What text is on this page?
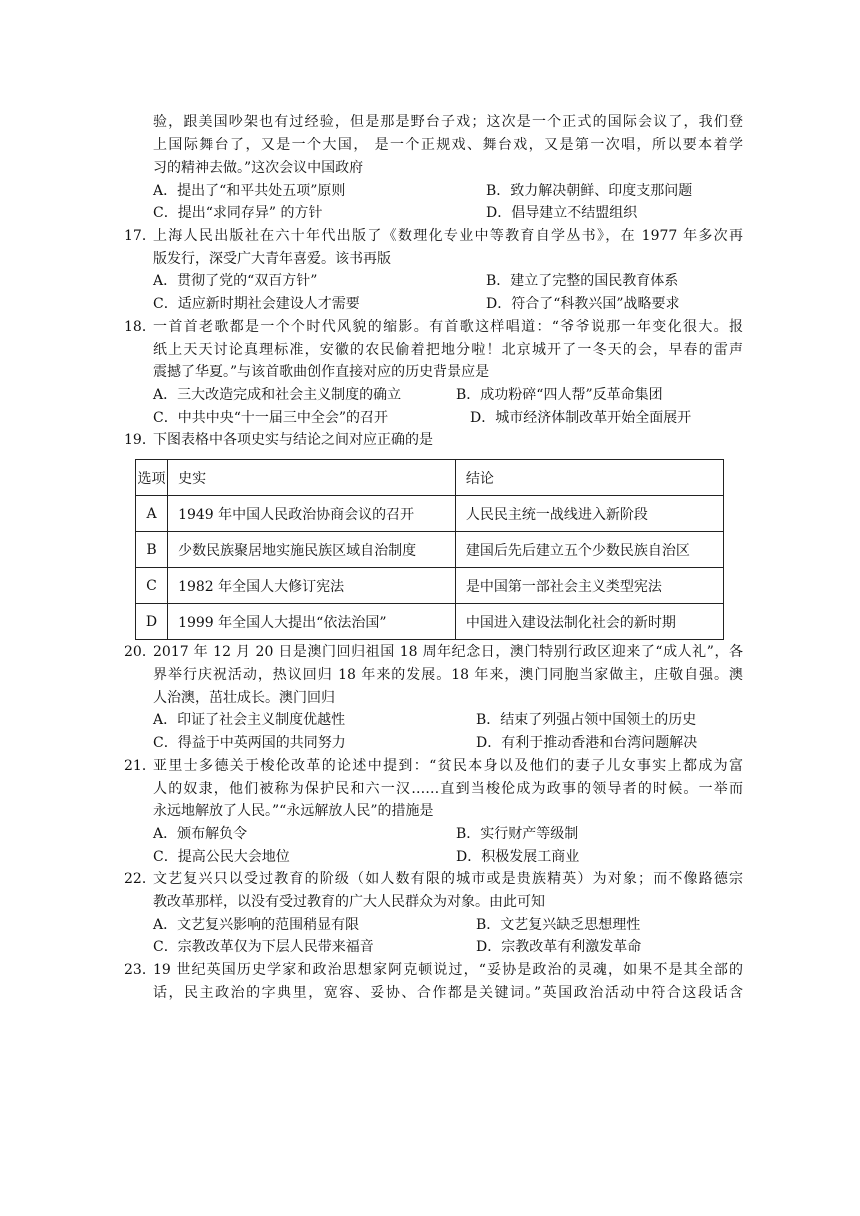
验，跟美国吵架也有过经验，但是那是野台子戏；这次是一个正式的国际会议了，我们登
上国际舞台了，又是一个大国， 是一个正规戏、舞台戏，又是第一次唱，所以要本着学
习的精神去做。”这次会议中国政府
A．提出了“和平共处五项”原则	B．致力解决朝鲜、印度支那问题
C．提出“求同存异” 的方针	D．倡导建立不结盟组织
17．
上海人民出版社在六十年代出版了《数理化专业中等教育自学丛书》，在 1977 年多次再
版发行，深受广大青年喜爱。该书再版
A．贯彻了党的“双百方针”	B．建立了完整的国民教育体系
C．适应新时期社会建设人才需要	D．符合了“科教兴国”战略要求
18．
一首首老歌都是一个个时代风貌的缩影。有首歌这样唱道：“爷爷说那一年变化很大。报
纸上天天讨论真理标准，安徽的农民偷着把地分啦！北京城开了一冬天的会，早春的雷声
震撼了华夏。”与该首歌曲创作直接对应的历史背景应是
A．三大改造完成和社会主义制度的确立	B．成功粉碎“四人帮”反革命集团
C．中共中央“十一届三中全会”的召开	D．城市经济体制改革开始全面展开
19．
下图表格中各项史实与结论之间对应正确的是
选项	史实	结论
A	1949 年中国人民政治协商会议的召开	人民民主统一战线进入新阶段
B	少数民族聚居地实施民族区域自治制度	建国后先后建立五个少数民族自治区
C	1982 年全国人大修订宪法	是中国第一部社会主义类型宪法
D	1999 年全国人大提出“依法治国”	中国进入建设法制化社会的新时期
20．
2017 年 12 月 20 日是澳门回归祖国 18 周年纪念日，澳门特别行政区迎来了“成人礼”，各
界举行庆祝活动，热议回归 18 年来的发展。18 年来，澳门同胞当家做主，庄敬自强。澳
人治澳，茁壮成长。澳门回归
A．印证了社会主义制度优越性	B．结束了列强占领中国领土的历史
C．得益于中英两国的共同努力	D．有利于推动香港和台湾问题解决
21．
亚里士多德关于梭伦改革的论述中提到：“贫民本身以及他们的妻子儿女事实上都成为富
人的奴隶，他们被称为保护民和六一汉……直到当梭伦成为政事的领导者的时候。一举而
永远地解放了人民。”“永远解放人民”的措施是
A．颁布解负令	B．实行财产等级制
C．提高公民大会地位	D．积极发展工商业
22．
文艺复兴只以受过教育的阶级（如人数有限的城市或是贵族精英）为对象；而不像路德宗
教改革那样，以没有受过教育的广大人民群众为对象。由此可知
A．文艺复兴影响的范围稍显有限	B．文艺复兴缺乏思想理性
C．宗教改革仅为下层人民带来福音	D．宗教改革有利激发革命
23．
19 世纪英国历史学家和政治思想家阿克顿说过，“妥协是政治的灵魂，如果不是其全部的
话，民主政治的字典里，宽容、妥协、合作都是关键词。”英国政治活动中符合这段话含
